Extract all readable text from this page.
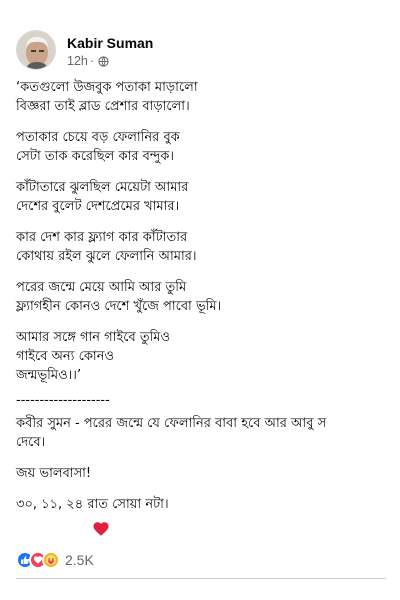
Kabir Suman
12h ·
‘কতগুলো উজবুক পতাকা মাড়ালো
বিজ্ঞরা তাই ব্লাড প্রেশার বাড়ালো।
পতাকার চেয়ে বড় ফেলানির বুক
সেটা তাক করেছিল কার বন্দুক।
কাঁটাতারে ঝুলছিল মেয়েটা আমার
দেশের বুলেট দেশপ্রেমের খামার।
কার দেশ কার ফ্ল্যাগ কার কাঁটাতার
কোথায় রইল ঝুলে ফেলানি আমার।
পরের জন্মে মেয়ে আমি আর তুমি
ফ্ল্যাগহীন কোনও দেশে খুঁজে পাবো ভূমি।
আমার সঙ্গে গান গাইবে তুমিও
গাইবে অন্য কোনও
জন্মভূমিও।।’
--------------------
কবীর সুমন - পরের জন্মে যে ফেলানির বাবা হবে আর আবু স
দেবে।
জয় ভালবাসা!
৩০, ১১, ২৪ রাত সোয়া নটা।
2.5K
